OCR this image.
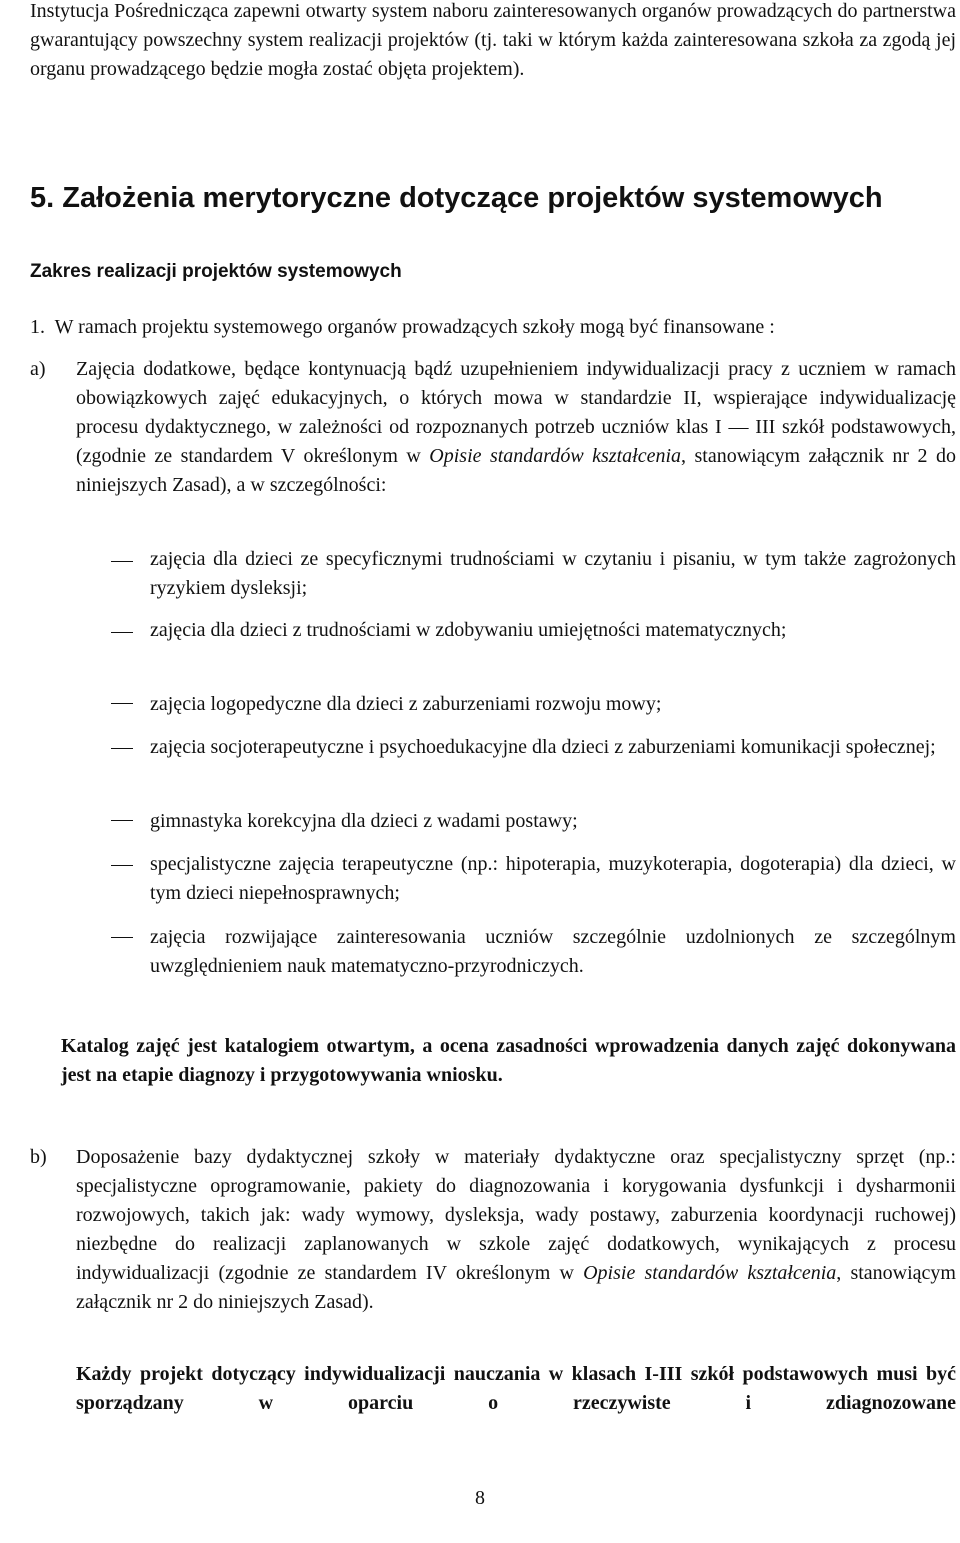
Instytucja Pośrednicząca zapewni otwarty system naboru zainteresowanych organów prowadzących do partnerstwa gwarantujący powszechny system realizacji projektów (tj. taki w którym każda zainteresowana szkoła za zgodą jej organu prowadzącego będzie mogła zostać objęta projektem).

5. Założenia merytoryczne dotyczące projektów systemowych
Zakres realizacji projektów systemowych
1. W ramach projektu systemowego organów prowadzących szkoły mogą być finansowane :
a) Zajęcia dodatkowe, będące kontynuacją bądź uzupełnieniem indywidualizacji pracy z uczniem w ramach obowiązkowych zajęć edukacyjnych, o których mowa w standardzie II, wspierające indywidualizację procesu dydaktycznego, w zależności od rozpoznanych potrzeb uczniów klas I — III szkół podstawowych, (zgodnie ze standardem V określonym w Opisie standardów kształcenia, stanowiącym załącznik nr 2 do niniejszych Zasad), a w szczególności:

zajęcia dla dzieci ze specyficznymi trudnościami w czytaniu i pisaniu, w tym także zagrożonych ryzykiem dysleksji;

zajęcia dla dzieci z trudnościami w zdobywaniu umiejętności matematycznych;

zajęcia logopedyczne dla dzieci z zaburzeniami rozwoju mowy;

zajęcia socjoterapeutyczne i psychoedukacyjne dla dzieci z zaburzeniami komunikacji społecznej;

gimnastyka korekcyjna dla dzieci z wadami postawy;

specjalistyczne zajęcia terapeutyczne (np.: hipoterapia, muzykoterapia, dogoterapia) dla dzieci, w tym dzieci niepełnosprawnych;

zajęcia rozwijające zainteresowania uczniów szczególnie uzdolnionych ze szczególnym uwzględnieniem nauk matematyczno-przyrodniczych.

Katalog zajęć jest katalogiem otwartym, a ocena zasadności wprowadzenia danych zajęć dokonywana jest na etapie diagnozy i przygotowywania wniosku.

b) Doposażenie bazy dydaktycznej szkoły w materiały dydaktyczne oraz specjalistyczny sprzęt (np.: specjalistyczne oprogramowanie, pakiety do diagnozowania i korygowania dysfunkcji i dysharmonii rozwojowych, takich jak: wady wymowy, dysleksja, wady postawy, zaburzenia koordynacji ruchowej) niezbędne do realizacji zaplanowanych w szkole zajęć dodatkowych, wynikających z procesu indywidualizacji (zgodnie ze standardem IV określonym w Opisie standardów kształcenia, stanowiącym załącznik nr 2 do niniejszych Zasad).

Każdy projekt dotyczący indywidualizacji nauczania w klasach I-III szkół podstawowych musi być sporządzany w oparciu o rzeczywiste i zdiagnozowane

8
